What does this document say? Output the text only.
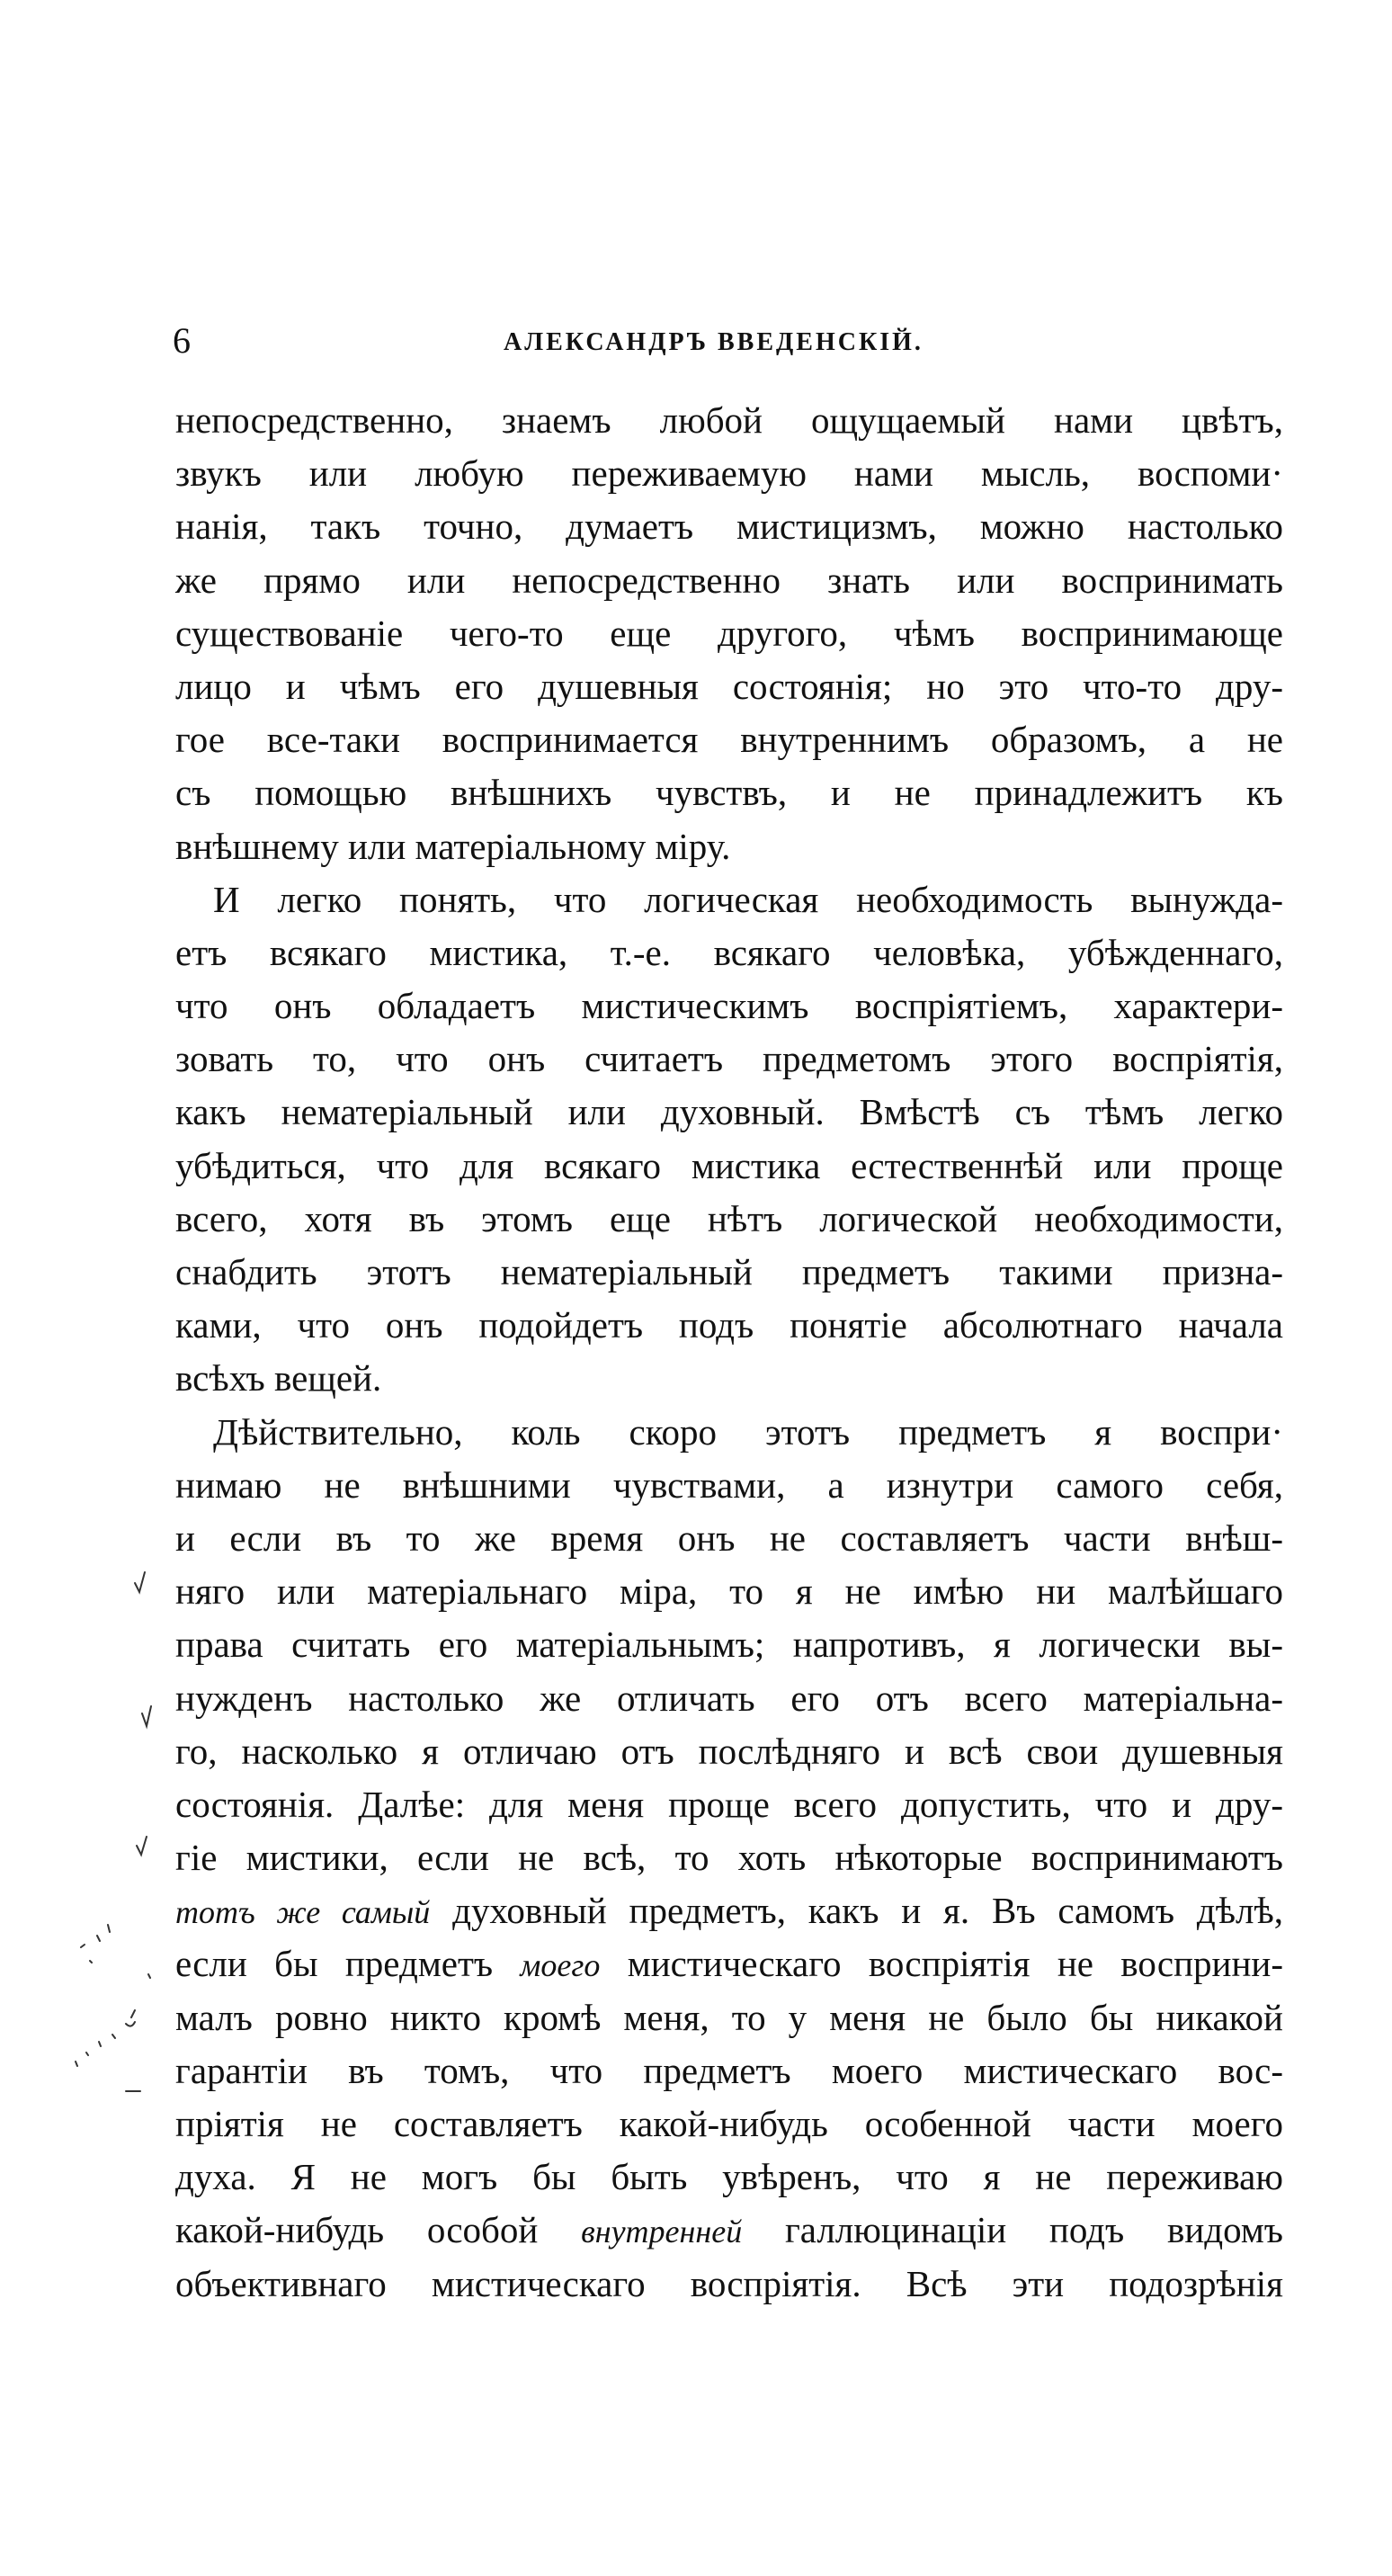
6	АЛЕКСАНДРЪ ВВЕДЕНСКІЙ.
непосредственно, знаемъ любой ощущаемый нами цвѣтъ,
звукъ или любую переживаемую нами мысль, воспоми·
нанія, такъ точно, думаетъ мистицизмъ, можно настолько
же прямо или непосредственно знать или воспринимать
существованіе чего-то еще другого, чѣмъ воспринимающе
лицо и чѣмъ его душевныя состоянія; но это что-то дру-
гое все-таки воспринимается внутреннимъ образомъ, а не
съ помощью внѣшнихъ чувствъ, и не принадлежитъ къ
внѣшнему или матеріальному міру.
И легко понять, что логическая необходимость вынужда-
етъ всякаго мистика, т.-е. всякаго человѣка, убѣжденнаго,
что онъ обладаетъ мистическимъ воспріятіемъ, характери-
зовать то, что онъ считаетъ предметомъ этого воспріятія,
какъ нематеріальный или духовный. Вмѣстѣ съ тѣмъ легко
убѣдиться, что для всякаго мистика естественнѣй или проще
всего, хотя въ этомъ еще нѣтъ логической необходимости,
снабдить этотъ нематеріальный предметъ такими призна-
ками, что онъ подойдетъ подъ понятіе абсолютнаго начала
всѣхъ вещей.
Дѣйствительно, коль скоро этотъ предметъ я воспри·
нимаю не внѣшними чувствами, а изнутри самого себя,
и если въ то же время онъ не составляетъ части внѣш-
няго или матеріальнаго міра, то я не имѣю ни малѣйшаго
права считать его матеріальнымъ; напротивъ, я логически вы-
нужденъ настолько же отличать его отъ всего матеріальна-
го, насколько я отличаю отъ послѣдняго и всѣ свои душевныя
состоянія. Далѣе: для меня проще всего допустить, что и дру-
гіе мистики, если не всѣ, то хоть нѣкоторые воспринимаютъ
тотъ же самый духовный предметъ, какъ и я. Въ самомъ дѣлѣ,
если бы предметъ моего мистическаго воспріятія не восприни-
малъ ровно никто кромѣ меня, то у меня не было бы никакой
гарантіи въ томъ, что предметъ моего мистическаго вос-
пріятія не составляетъ какой-нибудь особенной части моего
духа. Я не могъ бы быть увѣренъ, что я не переживаю
какой-нибудь особой внутренней галлюцинаціи подъ видомъ
объективнаго мистическаго воспріятія. Всѣ эти подозрѣнія
